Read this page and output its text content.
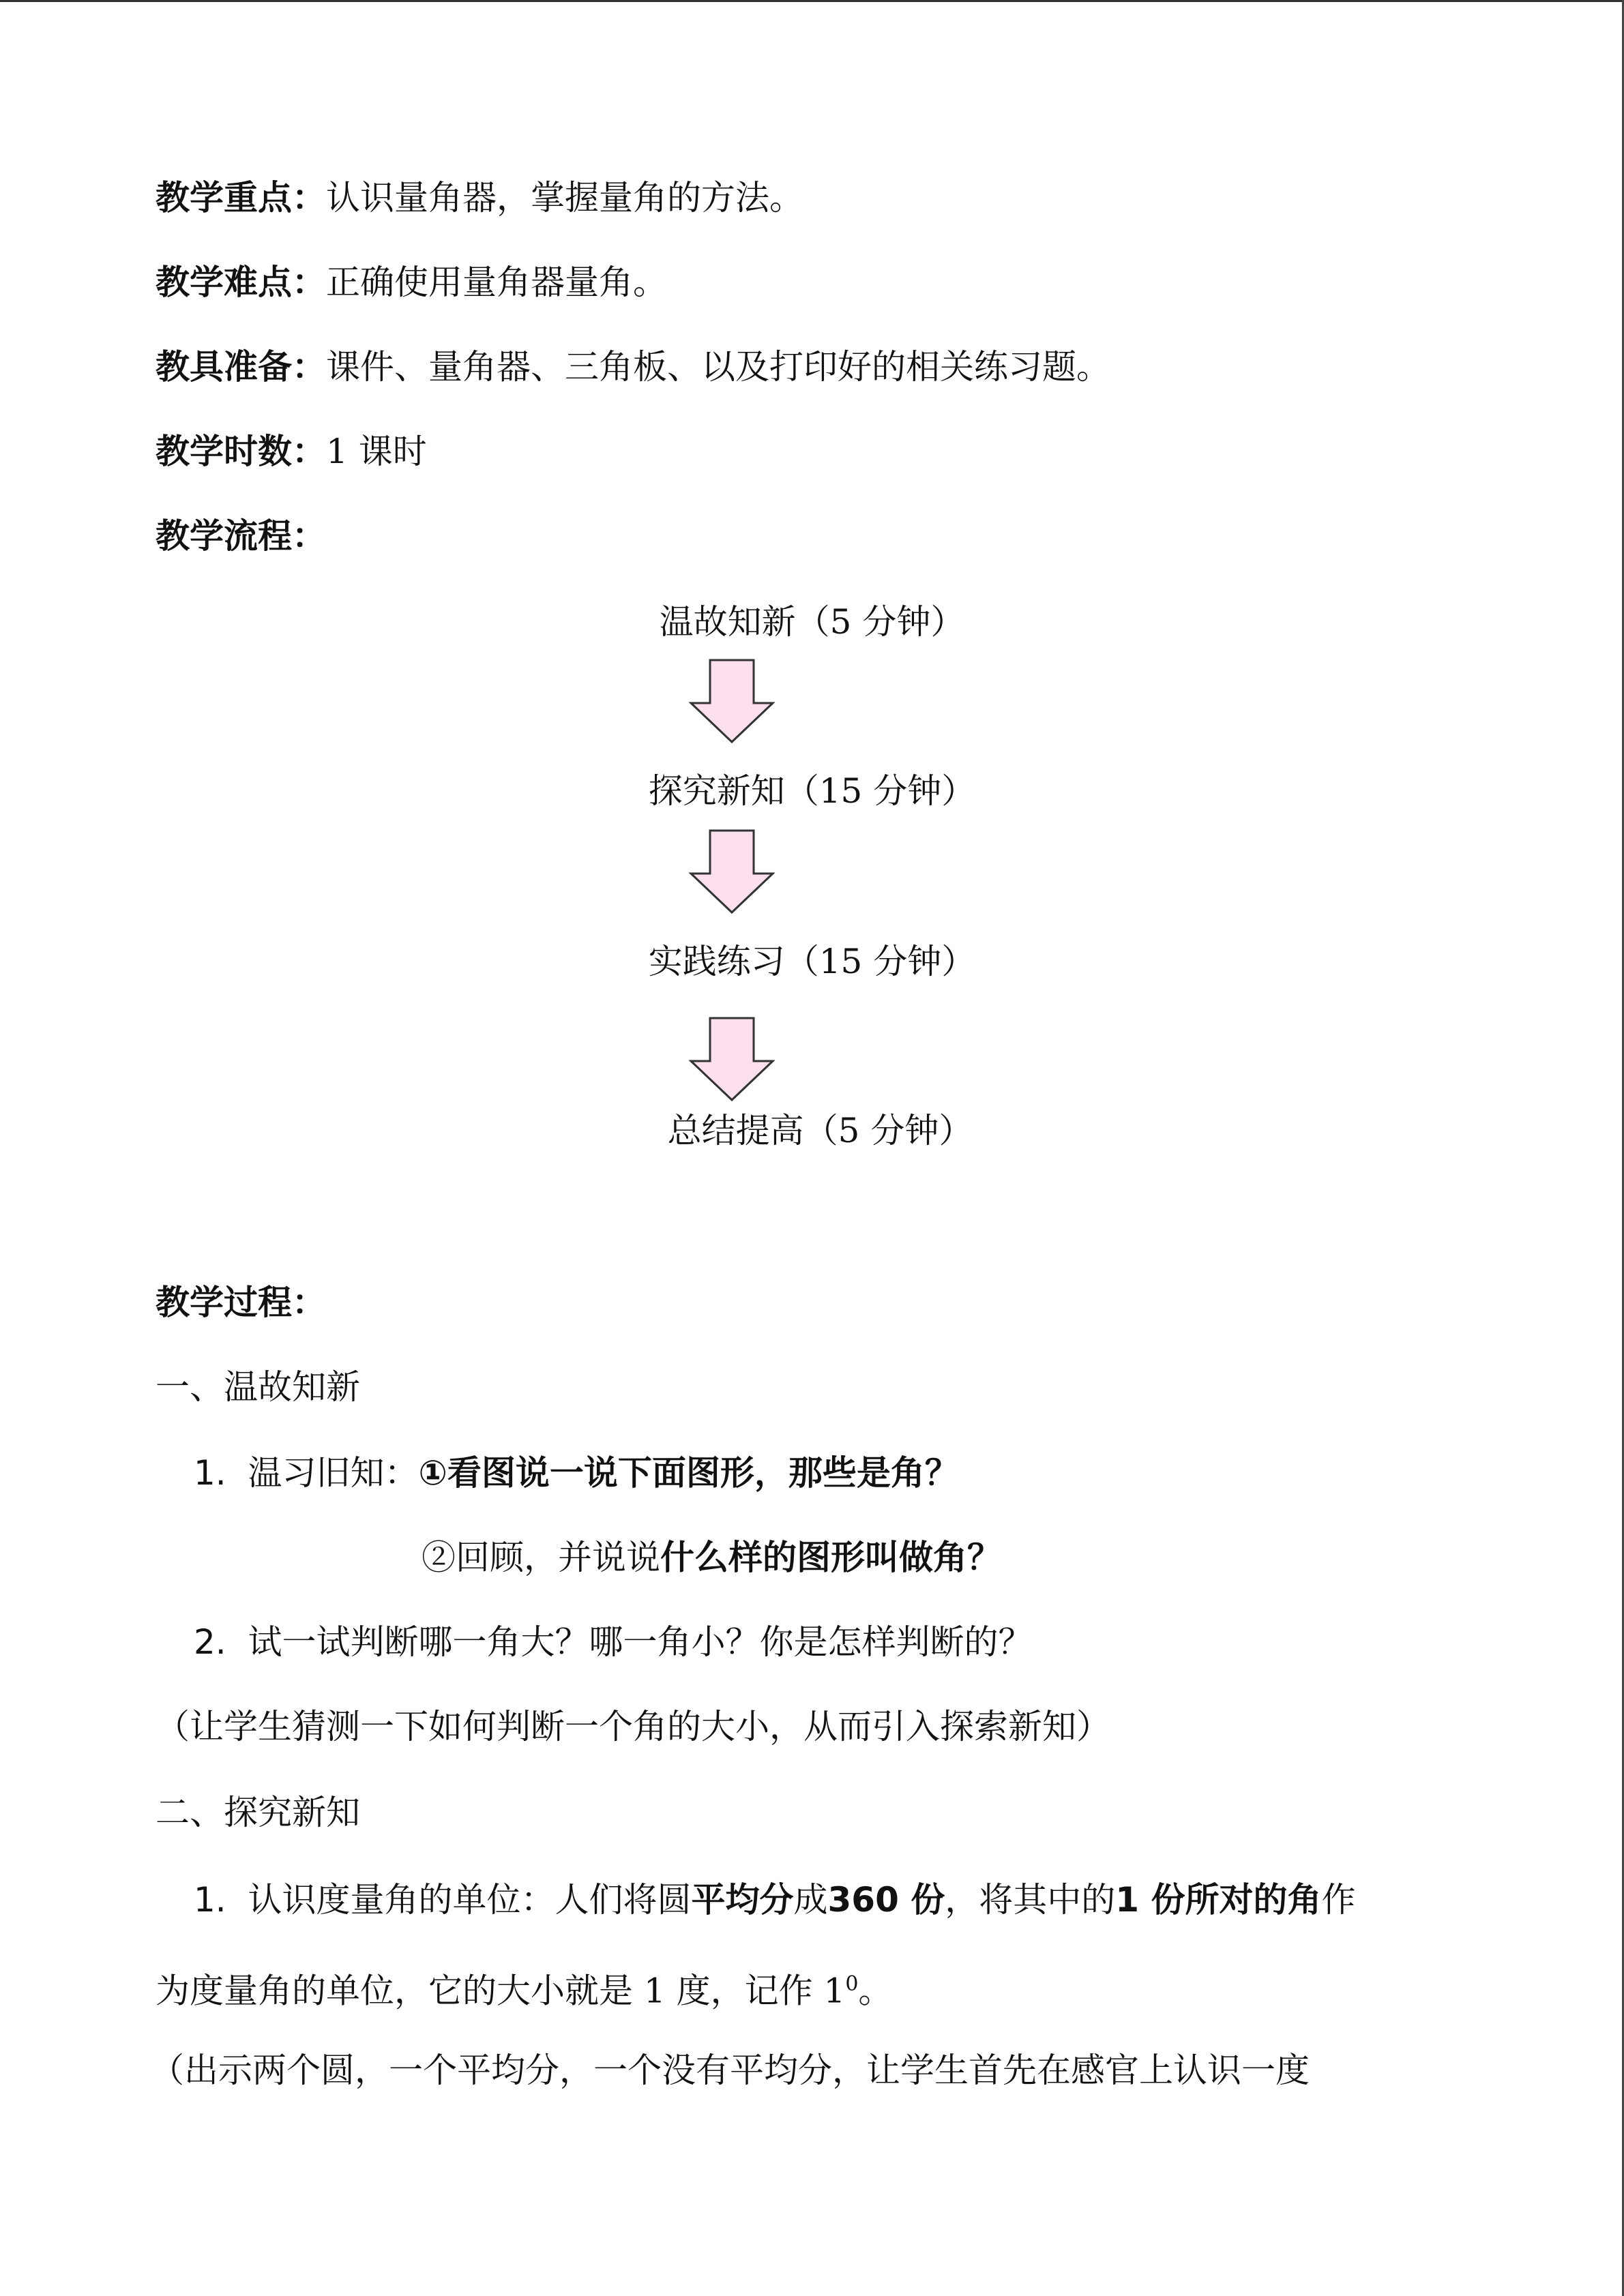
教学重点：认识量角器，掌握量角的方法。
教学难点：正确使用量角器量角。
教具准备：课件、量角器、三角板、以及打印好的相关练习题。
教学时数：1 课时
教学流程：
温故知新（5 分钟）
探究新知（15 分钟）
实践练习（15 分钟）
总结提高（5 分钟）
教学过程：
一、温故知新
1. 温习旧知：①看图说一说下面图形，那些是角？
②回顾，并说说什么样的图形叫做角？
2. 试一试判断哪一角大？哪一角小？你是怎样判断的？
（让学生猜测一下如何判断一个角的大小，从而引入探索新知）
二、探究新知
1. 认识度量角的单位：人们将圆平均分成360 份，将其中的1 份所对的角作
为度量角的单位，它的大小就是 1 度，记作 $1^0$。
（出示两个圆，一个平均分，一个没有平均分，让学生首先在感官上认识一度
